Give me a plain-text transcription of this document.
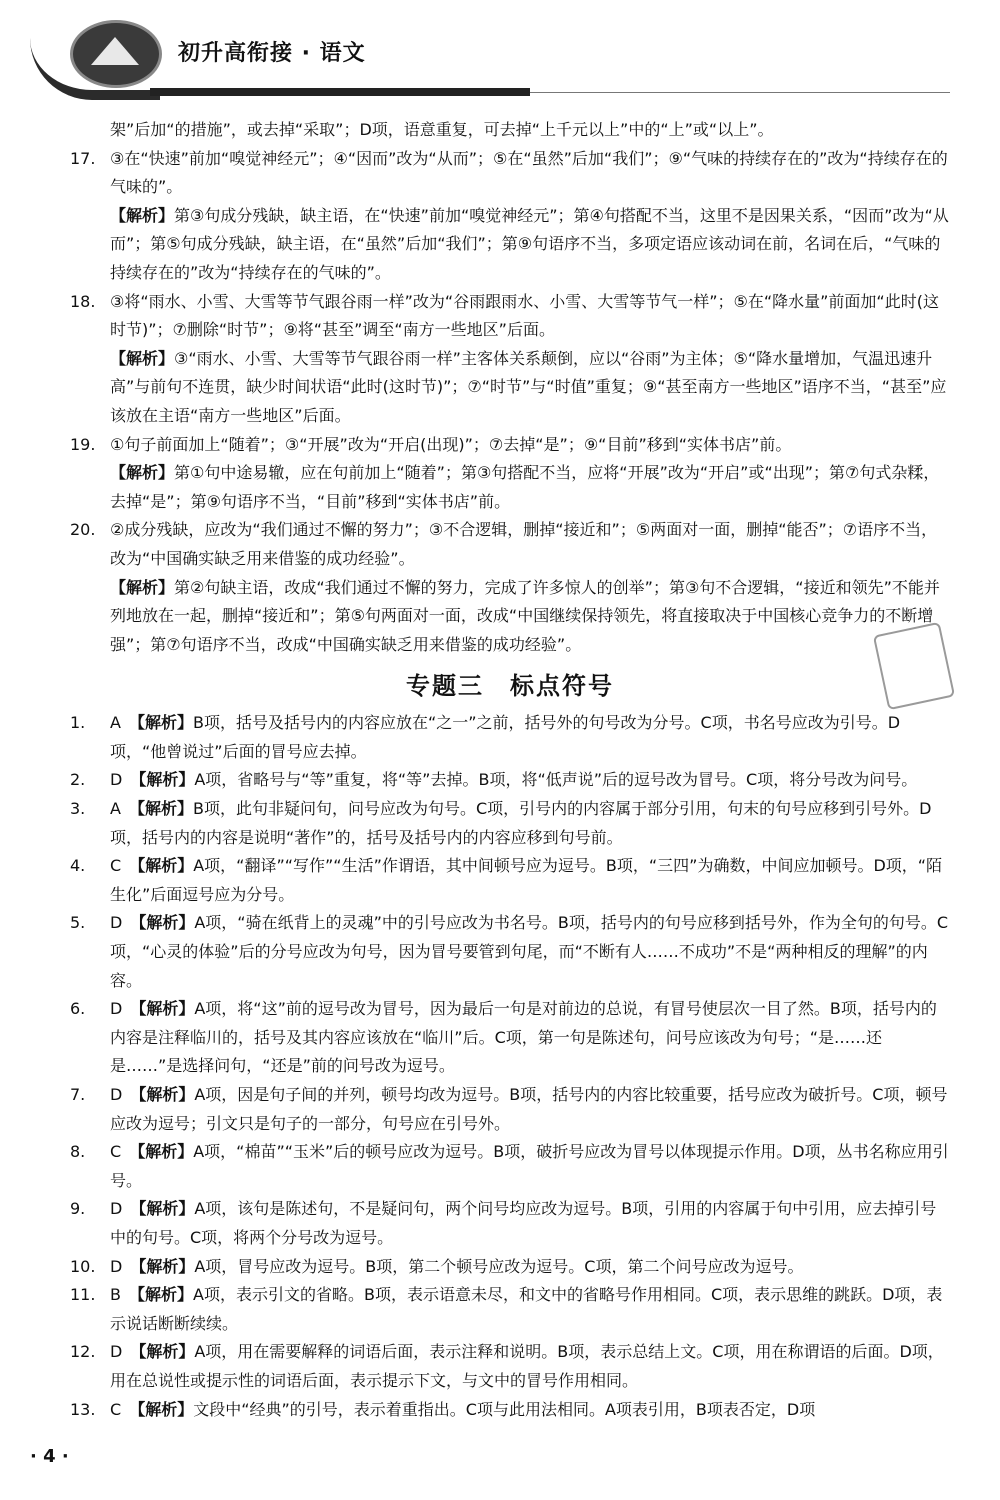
初升高衔接 · 语文

架”后加“的措施”，或去掉“采取”；D项，语意重复，可去掉“上千元以上”中的“上”或“以上”。

17. ③在“快速”前加“嗅觉神经元”；④“因而”改为“从而”；⑤在“虽然”后加“我们”；⑨“气味的持续存在的”改为“持续存在的气味的”。

【解析】第③句成分残缺，缺主语，在“快速”前加“嗅觉神经元”；第④句搭配不当，这里不是因果关系，“因而”改为“从而”；第⑤句成分残缺，缺主语，在“虽然”后加“我们”；第⑨句语序不当，多项定语应该动词在前，名词在后，“气味的持续存在的”改为“持续存在的气味的”。

18. ③将“雨水、小雪、大雪等节气跟谷雨一样”改为“谷雨跟雨水、小雪、大雪等节气一样”；⑤在“降水量”前面加“此时(这时节)”；⑦删除“时节”；⑨将“甚至”调至“南方一些地区”后面。

【解析】③“雨水、小雪、大雪等节气跟谷雨一样”主客体关系颠倒，应以“谷雨”为主体；⑤“降水量增加，气温迅速升高”与前句不连贯，缺少时间状语“此时(这时节)”；⑦“时节”与“时值”重复；⑨“甚至南方一些地区”语序不当，“甚至”应该放在主语“南方一些地区”后面。

19. ①句子前面加上“随着”；③“开展”改为“开启(出现)”；⑦去掉“是”；⑨“目前”移到“实体书店”前。

【解析】第①句中途易辙，应在句前加上“随着”；第③句搭配不当，应将“开展”改为“开启”或“出现”；第⑦句式杂糅，去掉“是”；第⑨句语序不当，“目前”移到“实体书店”前。

20. ②成分残缺，应改为“我们通过不懈的努力”；③不合逻辑，删掉“接近和”；⑤两面对一面，删掉“能否”；⑦语序不当，改为“中国确实缺乏用来借鉴的成功经验”。

【解析】第②句缺主语，改成“我们通过不懈的努力，完成了许多惊人的创举”；第③句不合逻辑，“接近和领先”不能并列地放在一起，删掉“接近和”；第⑤句两面对一面，改成“中国继续保持领先，将直接取决于中国核心竞争力的不断增强”；第⑦句语序不当，改成“中国确实缺乏用来借鉴的成功经验”。

专题三　标点符号

1. A　 【解析】B项，括号及括号内的内容应放在“之一”之前，括号外的句号改为分号。C项，书名号应改为引号。D项，“他曾说过”后面的冒号应去掉。

2. D　 【解析】A项，省略号与“等”重复，将“等”去掉。B项，将“低声说”后的逗号改为冒号。C项，将分号改为问号。

3. A　 【解析】B项，此句非疑问句，问号应改为句号。C项，引号内的内容属于部分引用，句末的句号应移到引号外。D项，括号内的内容是说明“著作”的，括号及括号内的内容应移到句号前。

4. C　 【解析】A项，“翻译”“写作”“生活”作谓语，其中间顿号应为逗号。B项，“三四”为确数，中间应加顿号。D项，“陌生化”后面逗号应为分号。

5. D　 【解析】A项，“骑在纸背上的灵魂”中的引号应改为书名号。B项，括号内的句号应移到括号外，作为全句的句号。C项，“心灵的体验”后的分号应改为句号，因为冒号要管到句尾，而“不断有人……不成功”不是“两种相反的理解”的内容。

6. D　 【解析】A项，将“这”前的逗号改为冒号，因为最后一句是对前边的总说，有冒号使层次一目了然。B项，括号内的内容是注释临川的，括号及其内容应该放在“临川”后。C项，第一句是陈述句，问号应该改为句号；“是……还是……”是选择问句，“还是”前的问号改为逗号。

7. D　 【解析】A项，因是句子间的并列，顿号均改为逗号。B项，括号内的内容比较重要，括号应改为破折号。C项，顿号应改为逗号；引文只是句子的一部分，句号应在引号外。

8. C　 【解析】A项，“棉苗”“玉米”后的顿号应改为逗号。B项，破折号应改为冒号以体现提示作用。D项，丛书名称应用引号。

9. D　 【解析】A项，该句是陈述句，不是疑问句，两个问号均应改为逗号。B项，引用的内容属于句中引用，应去掉引号中的句号。C项，将两个分号改为逗号。

10. D　 【解析】A项，冒号应改为逗号。B项，第二个顿号应改为逗号。C项，第二个问号应改为逗号。

11. B　 【解析】A项，表示引文的省略。B项，表示语意未尽，和文中的省略号作用相同。C项，表示思维的跳跃。D项，表示说话断断续续。

12. D　 【解析】A项，用在需要解释的词语后面，表示注释和说明。B项，表示总结上文。C项，用在称谓语的后面。D项，用在总说性或提示性的词语后面，表示提示下文，与文中的冒号作用相同。

13. C　 【解析】文段中“经典”的引号，表示着重指出。C项与此用法相同。A项表引用，B项表否定，D项

· 4 ·
